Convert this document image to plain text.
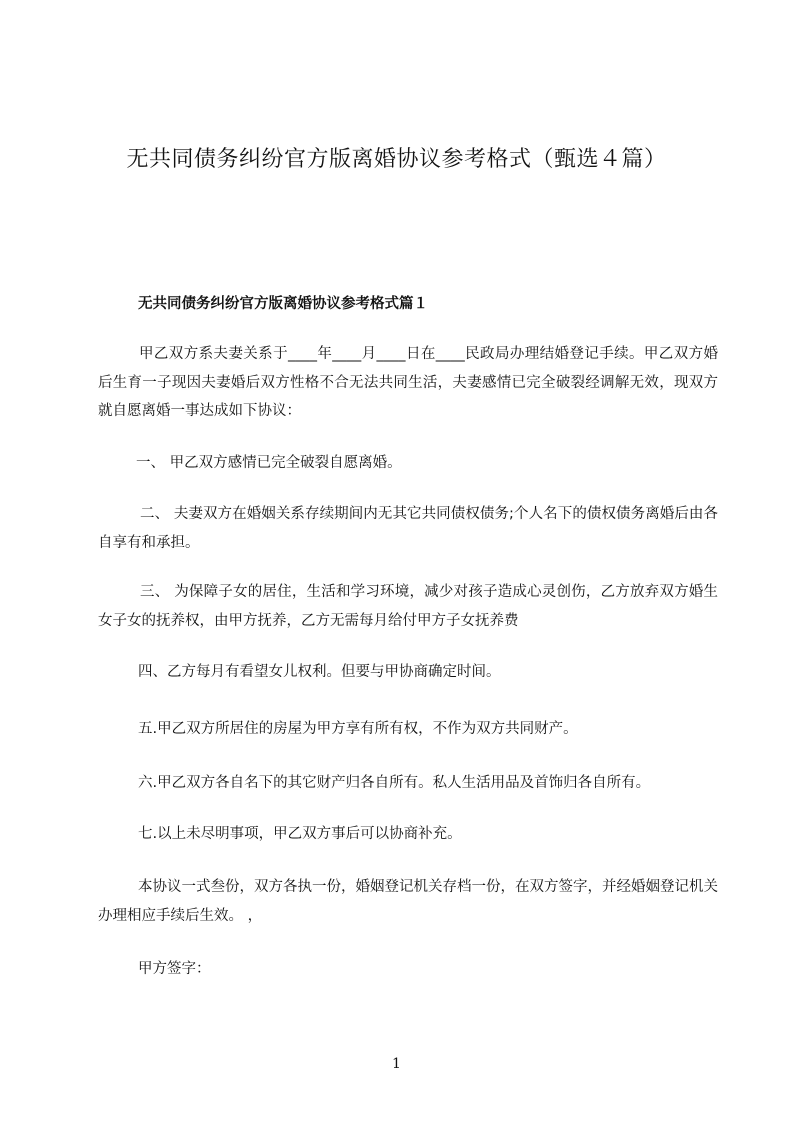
无共同债务纠纷官方版离婚协议参考格式（甄选４篇）
无共同债务纠纷官方版离婚协议参考格式篇１

甲乙双方系夫妻关系于____年____月____日在____民政局办理结婚登记手续。甲乙双方婚后生育一子现因夫妻婚后双方性格不合无法共同生活，夫妻感情已完全破裂经调解无效，现双方就自愿离婚一事达成如下协议：

一、 甲乙双方感情已完全破裂自愿离婚。

二、 夫妻双方在婚姻关系存续期间内无其它共同债权债务;个人名下的债权债务离婚后由各自享有和承担。

三、 为保障子女的居住，生活和学习环境，减少对孩子造成心灵创伤，乙方放弃双方婚生女子女的抚养权，由甲方抚养，乙方无需每月给付甲方子女抚养费

四、乙方每月有看望女儿权利。但要与甲协商确定时间。

五.甲乙双方所居住的房屋为甲方享有所有权，不作为双方共同财产。

六.甲乙双方各自名下的其它财产归各自所有。私人生活用品及首饰归各自所有。

七.以上未尽明事项，甲乙双方事后可以协商补充。

本协议一式叁份，双方各执一份，婚姻登记机关存档一份，在双方签字，并经婚姻登记机关办理相应手续后生效。 ，

甲方签字：

1
